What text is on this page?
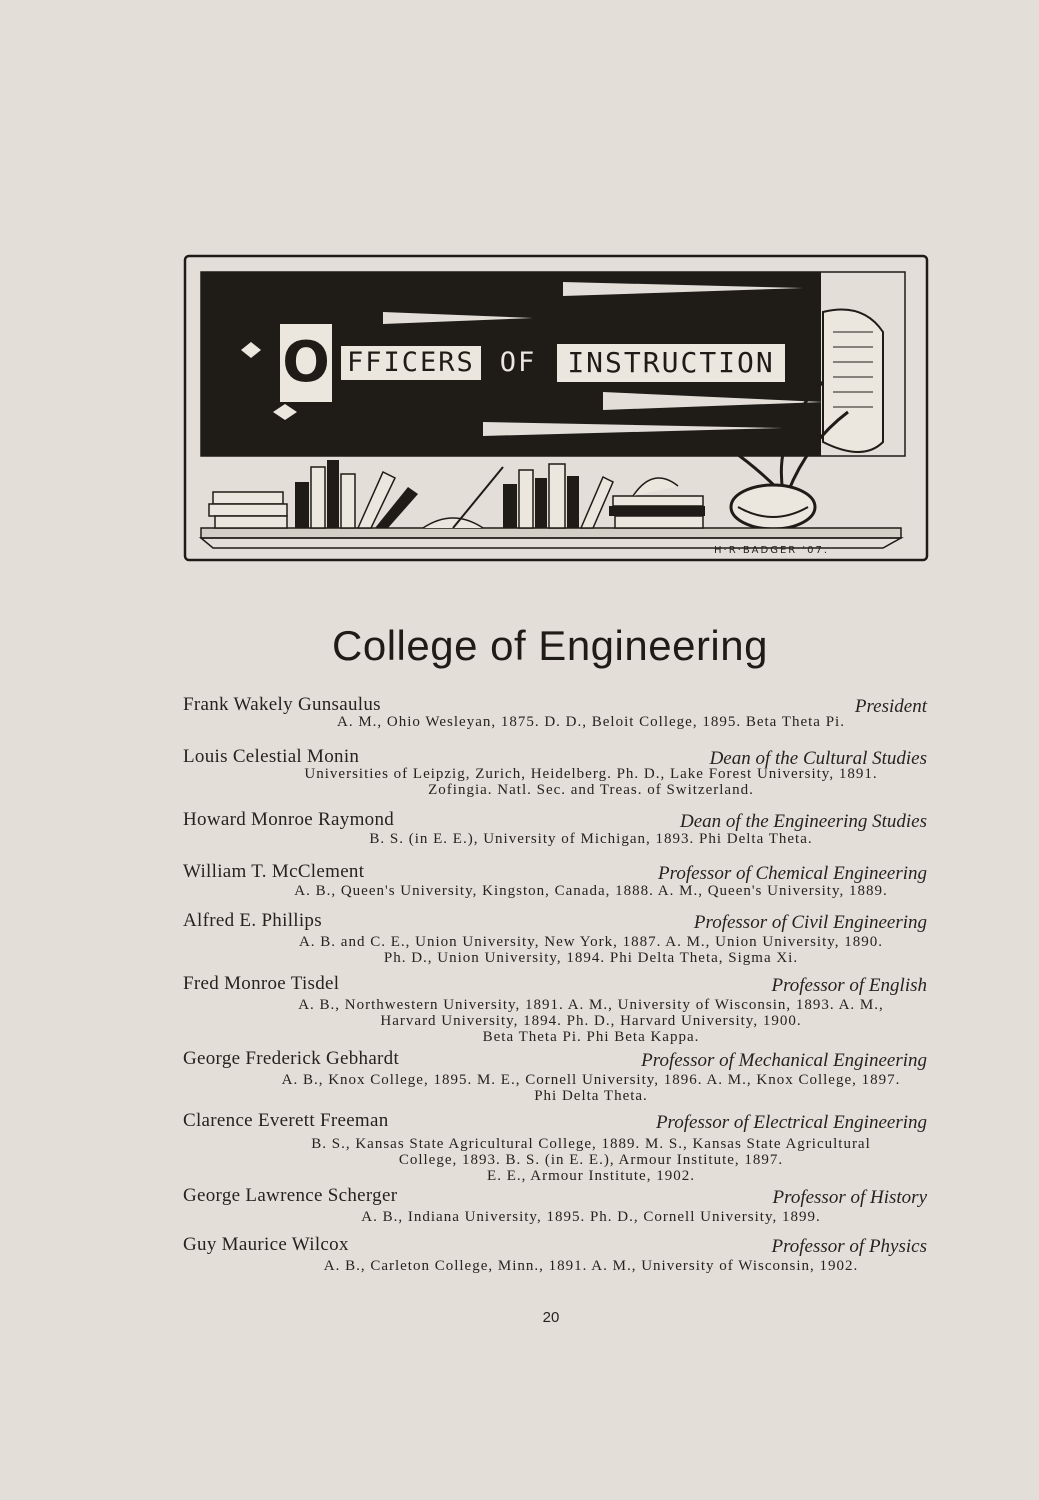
H·R·BADGER '07.
O FFICERS OF	INSTRUCTION
College of Engineering
Frank Wakely Gunsaulus	President
A. M., Ohio Wesleyan, 1875. D. D., Beloit College, 1895. Beta Theta Pi.
Louis Celestial Monin	Dean of the Cultural Studies
Universities of Leipzig, Zurich, Heidelberg. Ph. D., Lake Forest University, 1891.
Zofingia. Natl. Sec. and Treas. of Switzerland.
Howard Monroe Raymond	Dean of the Engineering Studies
B. S. (in E. E.), University of Michigan, 1893. Phi Delta Theta.
William T. McClement	Professor of Chemical Engineering
A. B., Queen's University, Kingston, Canada, 1888. A. M., Queen's University, 1889.
Alfred E. Phillips	Professor of Civil Engineering
A. B. and C. E., Union University, New York, 1887. A. M., Union University, 1890.
Ph. D., Union University, 1894. Phi Delta Theta, Sigma Xi.
Fred Monroe Tisdel	Professor of English
A. B., Northwestern University, 1891. A. M., University of Wisconsin, 1893. A. M.,
Harvard University, 1894. Ph. D., Harvard University, 1900.
Beta Theta Pi. Phi Beta Kappa.
George Frederick Gebhardt	Professor of Mechanical Engineering
A. B., Knox College, 1895. M. E., Cornell University, 1896. A. M., Knox College, 1897.
Phi Delta Theta.
Clarence Everett Freeman	Professor of Electrical Engineering
B. S., Kansas State Agricultural College, 1889. M. S., Kansas State Agricultural
College, 1893. B. S. (in E. E.), Armour Institute, 1897.
E. E., Armour Institute, 1902.
George Lawrence Scherger	Professor of History
A. B., Indiana University, 1895. Ph. D., Cornell University, 1899.
Guy Maurice Wilcox	Professor of Physics
A. B., Carleton College, Minn., 1891. A. M., University of Wisconsin, 1902.
20
